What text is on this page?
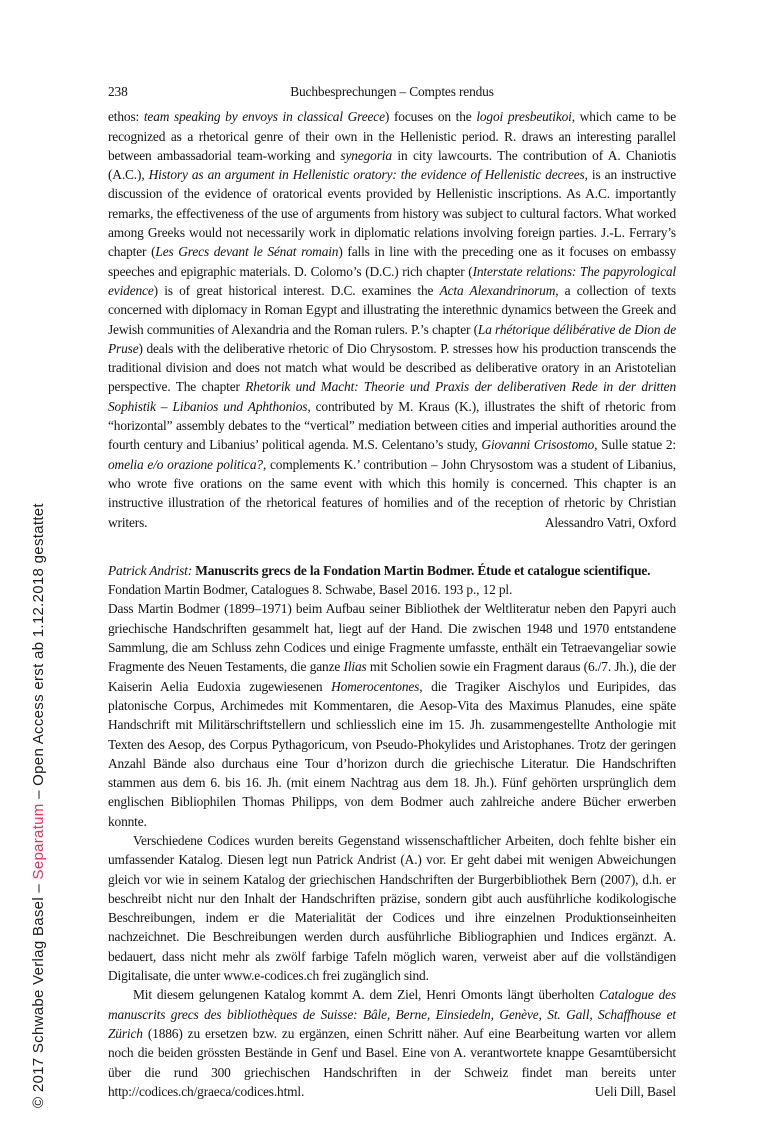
© 2017 Schwabe Verlag Basel – Separatum – Open Access erst ab 1.12.2018 gestattet
238	Buchbesprechungen – Comptes rendus

ethos: team speaking by envoys in classical Greece) focuses on the logoi presbeutikoi, which came to be recognized as a rhetorical genre of their own in the Hellenistic period. R. draws an interesting parallel between ambassadorial team-working and synegoria in city lawcourts. The contribution of A. Chaniotis (A.C.), History as an argument in Hellenistic oratory: the evidence of Hellenistic decrees, is an instructive discussion of the evidence of oratorical events provided by Hellenistic inscriptions. As A.C. importantly remarks, the effectiveness of the use of arguments from history was subject to cultural factors. What worked among Greeks would not necessarily work in diplomatic relations involving foreign parties. J.-L. Ferrary’s chapter (Les Grecs devant le Sénat romain) falls in line with the preceding one as it focuses on embassy speeches and epigraphic materials. D. Colomo’s (D.C.) rich chapter (Interstate relations: The papyrological evidence) is of great historical interest. D.C. examines the Acta Alexandrinorum, a collection of texts concerned with diplomacy in Roman Egypt and illustrating the interethnic dynamics between the Greek and Jewish communities of Alexandria and the Roman rulers. P.’s chapter (La rhétorique délibérative de Dion de Pruse) deals with the deliberative rhetoric of Dio Chrysostom. P. stresses how his production transcends the traditional division and does not match what would be described as deliberative oratory in an Aristotelian perspective. The chapter Rhetorik und Macht: Theorie und Praxis der deliberativen Rede in der dritten Sophistik – Libanios und Aphthonios, contributed by M. Kraus (K.), illustrates the shift of rhetoric from “horizontal” assembly debates to the “vertical” mediation between cities and imperial authorities around the fourth century and Libanius’ political agenda. M.S. Celentano’s study, Giovanni Crisostomo, Sulle statue 2: omelia e/o orazione politica?, complements K.’ contribution – John Chrysostom was a student of Libanius, who wrote five orations on the same event with which this homily is concerned. This chapter is an instructive illustration of the rhetorical features of homilies and of the reception of rhetoric by Christian writers.	Alessandro Vatri, Oxford

Patrick Andrist: Manuscrits grecs de la Fondation Martin Bodmer. Étude et catalogue scientifique.

Fondation Martin Bodmer, Catalogues 8. Schwabe, Basel 2016. 193 p., 12 pl.

Dass Martin Bodmer (1899–1971) beim Aufbau seiner Bibliothek der Weltliteratur neben den Papyri auch griechische Handschriften gesammelt hat, liegt auf der Hand. Die zwischen 1948 und 1970 entstandene Sammlung, die am Schluss zehn Codices und einige Fragmente umfasste, enthält ein Tetraevangeliar sowie Fragmente des Neuen Testaments, die ganze Ilias mit Scholien sowie ein Fragment daraus (6./7. Jh.), die der Kaiserin Aelia Eudoxia zugewiesenen Homerocentones, die Tragiker Aischylos und Euripides, das platonische Corpus, Archimedes mit Kommentaren, die Aesop-Vita des Maximus Planudes, eine späte Handschrift mit Militärschriftstellern und schliesslich eine im 15. Jh. zusammengestellte Anthologie mit Texten des Aesop, des Corpus Pythagoricum, von Pseudo-Phokylides und Aristophanes. Trotz der geringen Anzahl Bände also durchaus eine Tour d’horizon durch die griechische Literatur. Die Handschriften stammen aus dem 6. bis 16. Jh. (mit einem Nachtrag aus dem 18. Jh.). Fünf gehörten ursprünglich dem englischen Bibliophilen Thomas Philipps, von dem Bodmer auch zahlreiche andere Bücher erwerben konnte.

Verschiedene Codices wurden bereits Gegenstand wissenschaftlicher Arbeiten, doch fehlte bisher ein umfassender Katalog. Diesen legt nun Patrick Andrist (A.) vor. Er geht dabei mit wenigen Abweichungen gleich vor wie in seinem Katalog der griechischen Handschriften der Burgerbibliothek Bern (2007), d.h. er beschreibt nicht nur den Inhalt der Handschriften präzise, sondern gibt auch ausführliche kodikologische Beschreibungen, indem er die Materialität der Codices und ihre einzelnen Produktionseinheiten nachzeichnet. Die Beschreibungen werden durch ausführliche Bibliographien und Indices ergänzt. A. bedauert, dass nicht mehr als zwölf farbige Tafeln möglich waren, verweist aber auf die vollständigen Digitalisate, die unter www.e-codices.ch frei zugänglich sind.

Mit diesem gelungenen Katalog kommt A. dem Ziel, Henri Omonts längt überholten Catalogue des manuscrits grecs des bibliothèques de Suisse: Bâle, Berne, Einsiedeln, Genève, St. Gall, Schaffhouse et Zürich (1886) zu ersetzen bzw. zu ergänzen, einen Schritt näher. Auf eine Bearbeitung warten vor allem noch die beiden grössten Bestände in Genf und Basel. Eine von A. verantwortete knappe Gesamtübersicht über die rund 300 griechischen Handschriften in der Schweiz findet man bereits unter http://codices.ch/graeca/codices.html.	Ueli Dill, Basel
